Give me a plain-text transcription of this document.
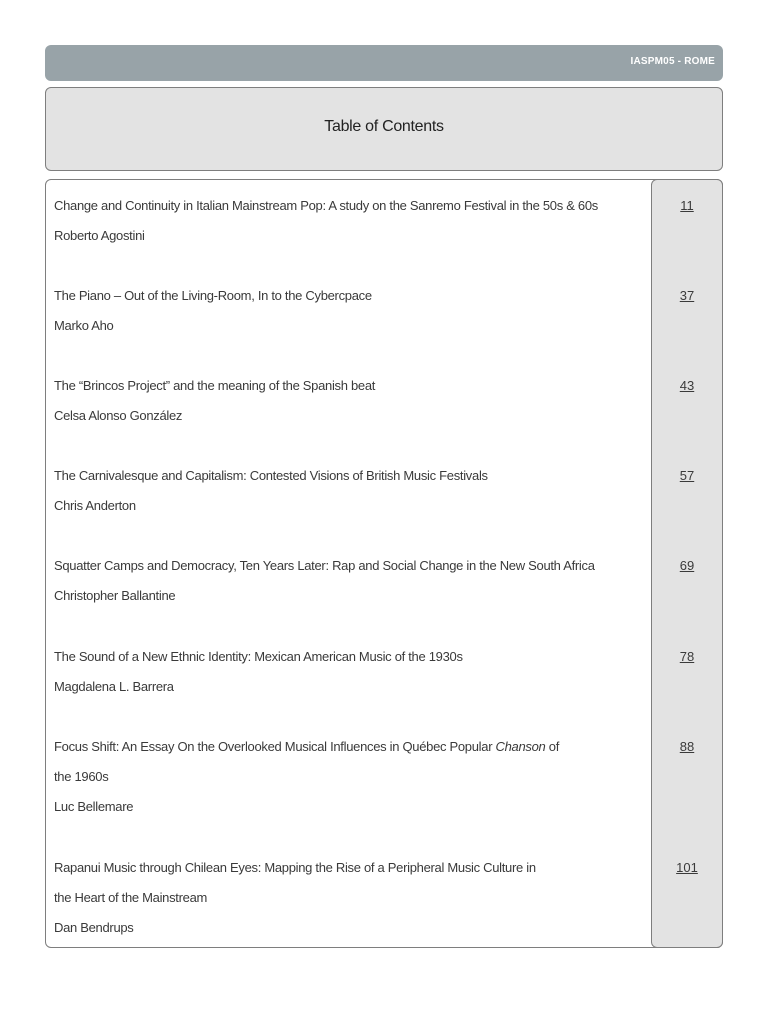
IASPM05 - ROME
Table of Contents
Change and Continuity in Italian Mainstream Pop: A study on the Sanremo Festival in the 50s & 60s
Roberto Agostini
11
The Piano – Out of the Living-Room, In to the Cybercpace
Marko Aho
37
The “Brincos Project” and the meaning of the Spanish beat
Celsa Alonso González
43
The Carnivalesque and Capitalism: Contested Visions of British Music Festivals
Chris Anderton
57
Squatter Camps and Democracy, Ten Years Later: Rap and Social Change in the New South Africa
Christopher Ballantine
69
The Sound of a New Ethnic Identity: Mexican American Music of the 1930s
Magdalena L. Barrera
78
Focus Shift: An Essay On the Overlooked Musical Influences in Québec Popular Chanson of
the 1960s
Luc Bellemare
88
Rapanui Music through Chilean Eyes: Mapping the Rise of a Peripheral Music Culture in
the Heart of the Mainstream
Dan Bendrups
101
